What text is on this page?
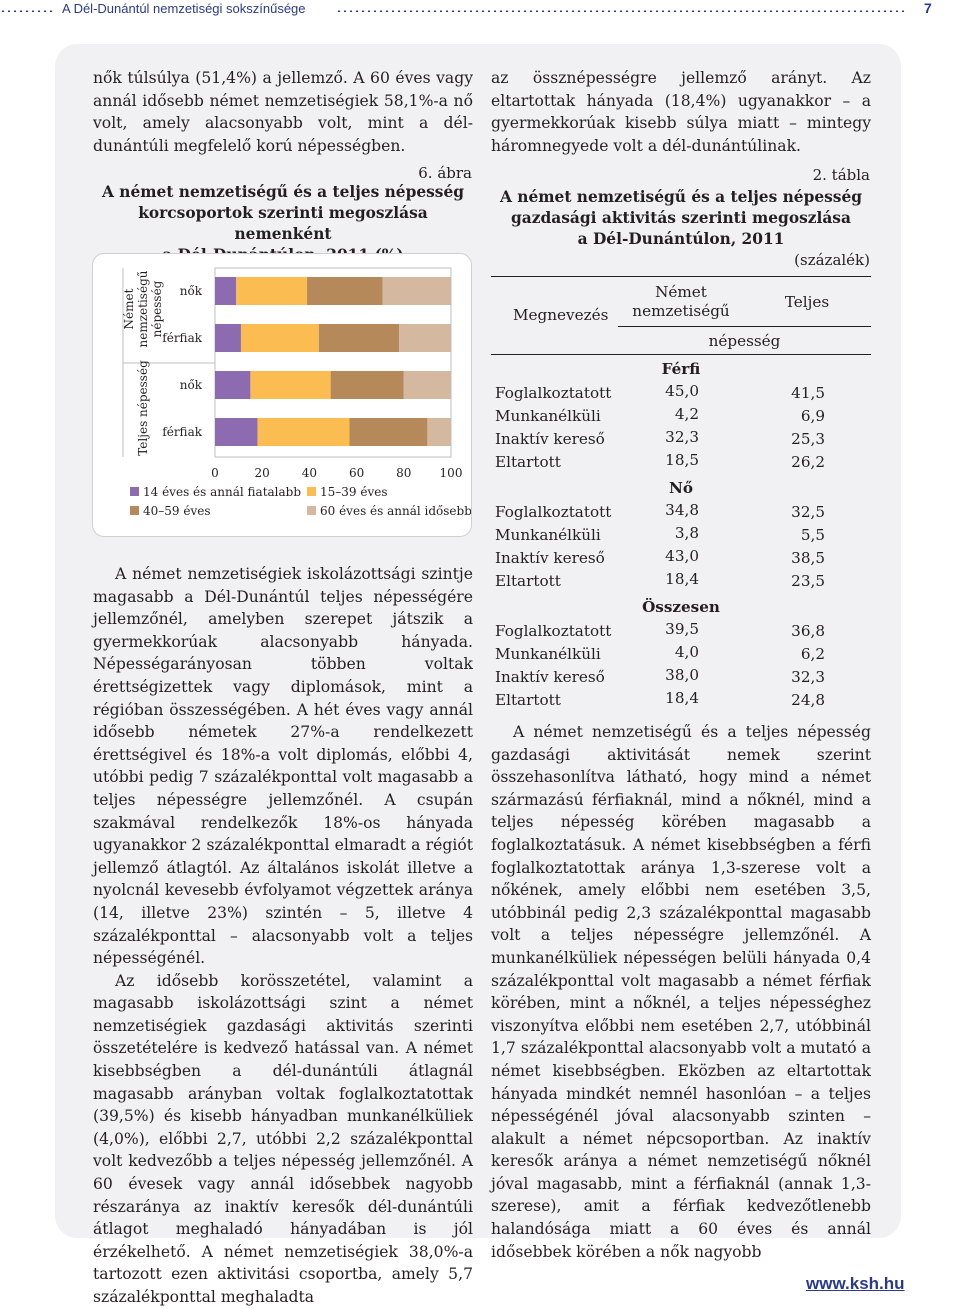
A Dél-Dunántúl nemzetiségi sokszínűsége	7

nők túlsúlya (51,4%) a jellemző. A 60 éves vagy annál idősebb német nemzetiségiek 58,1%-a nő volt, amely alacsonyabb volt, mint a dél-dunántúli megfelelő korú népességben.

6. ábra
A német nemzetiségű és a teljes népesség
korcsoportok szerinti megoszlása nemenként
Német nemzetiségű népesség
Teljes népesség
nők
férfiak
nők
férfiak
0	20	40	60	80 100
14 éves és annál fiatalabb 15–39 éves
40–59 éves	60 éves és annál idősebb

A német nemzetiségiek iskolázottsági szintje magasabb a Dél-Dunántúl teljes népességére jellemzőnél, amelyben szerepet játszik a gyermekkorúak alacsonyabb hányada. Népességarányosan többen voltak érettségizettek vagy diplomások, mint a régióban összességében. A hét éves vagy annál idősebb németek 27%-a rendelkezett érettségivel és 18%-a volt diplomás, előbbi 4, utóbbi pedig 7 százalékponttal volt magasabb a teljes népességre jellemzőnél. A csupán szakmával rendelkezők 18%-os hányada ugyanakkor 2 százalékponttal elmaradt a régiót jellemző átlagtól. Az általános iskolát illetve a nyolcnál kevesebb évfolyamot végzettek aránya (14, illetve 23%) szintén – 5, illetve 4 százalékponttal – alacsonyabb volt a teljes népességénél.

Az idősebb korösszetétel, valamint a magasabb iskolázottsági szint a német nemzetiségiek gazdasági aktivitás szerinti összetételére is kedvező hatással van. A német kisebbségben a dél-dunántúli átlagnál magasabb arányban voltak foglalkoztatottak (39,5%) és kisebb hányadban munkanélküliek (4,0%), előbbi 2,7, utóbbi 2,2 százalékponttal volt kedvezőbb a teljes népesség jellemzőnél. A 60 évesek vagy annál idősebbek nagyobb részaránya az inaktív keresők dél-dunántúli átlagot meghaladó hányadában is jól érzékelhető. A német nemzetiségiek 38,0%-a tartozott ezen aktivitási csoportba, amely 5,7 százalékponttal meghaladta

az össznépességre jellemző arányt. Az eltartottak hányada (18,4%) ugyanakkor – a gyermekkorúak kisebb súlya miatt – mintegy háromnegyede volt a dél-dunántúlinak.

2. tábla
A német nemzetiségű és a teljes népesség
gazdasági aktivitás szerinti megoszlása
a Dél-Dunántúlon, 2011
(százalék)
Megnevezés
Német
nemzetiségű	Teljes
népesség
Férfi
Foglalkoztatott	45,0	41,5
Munkanélküli	4,2	6,9
Inaktív kereső	32,3	25,3
Eltartott	18,5	26,2
Nő
Foglalkoztatott	34,8	32,5
Munkanélküli	3,8	5,5
Inaktív kereső	43,0	38,5
Eltartott	18,4	23,5
Összesen
Foglalkoztatott	39,5	36,8
Munkanélküli	4,0	6,2
Inaktív kereső	38,0	32,3
Eltartott	18,4	24,8

A német nemzetiségű és a teljes népesség gazdasági aktivitását nemek szerint összehasonlítva látható, hogy mind a német származású férfiaknál, mind a nőknél, mind a teljes népesség körében magasabb a foglalkoztatásuk. A német kisebbségben a férfi foglalkoztatottak aránya 1,3-szerese volt a nőkének, amely előbbi nem esetében 3,5, utóbbinál pedig 2,3 százalékponttal magasabb volt a teljes népességre jellemzőnél. A munkanélküliek népességen belüli hányada 0,4 százalékponttal volt magasabb a német férfiak körében, mint a nőknél, a teljes népességhez viszonyítva előbbi nem esetében 2,7, utóbbinál 1,7 százalékponttal alacsonyabb volt a mutató a német kisebbségben. Eközben az eltartottak hányada mindkét nemnél hasonlóan – a teljes népességénél jóval alacsonyabb szinten – alakult a német népcsoportban. Az inaktív keresők aránya a német nemzetiségű nőknél jóval magasabb, mint a férfiaknál (annak 1,3-szerese), amit a férfiak kedvezőtlenebb halandósága miatt a 60 éves és annál idősebbek körében a nők nagyobb

www.ksh.hu
